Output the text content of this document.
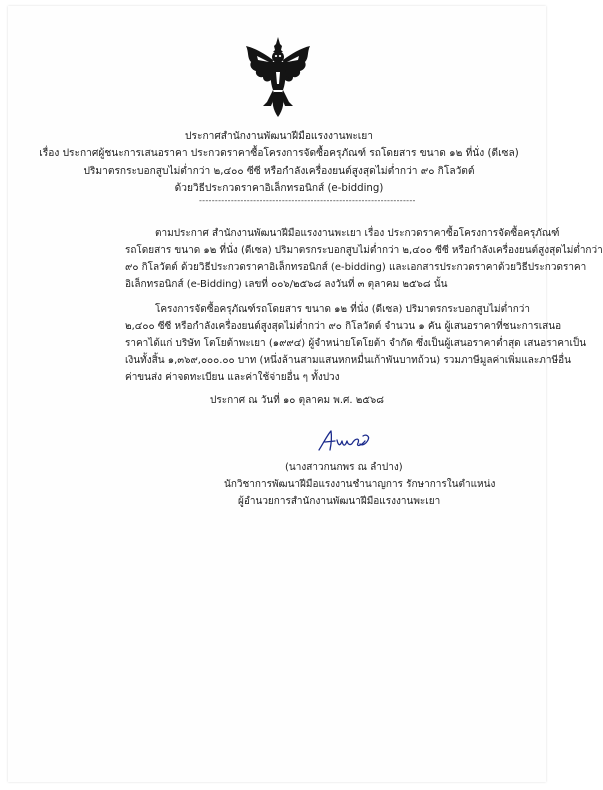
ประกาศสำนักงานพัฒนาฝีมือแรงงานพะเยา
เรื่อง ประกาศผู้ชนะการเสนอราคา ประกวดราคาซื้อโครงการจัดซื้อครุภัณฑ์ รถโดยสาร ขนาด ๑๒ ที่นั่ง (ดีเซล)
ปริมาตรกระบอกสูบไม่ต่ำกว่า ๒,๔๐๐ ซีซี หรือกำลังเครื่องยนต์สูงสุดไม่ต่ำกว่า ๙๐ กิโลวัตต์
ด้วยวิธีประกวดราคาอิเล็กทรอนิกส์ (e-bidding)
--------------------------------------------------------------------
ตามประกาศ สำนักงานพัฒนาฝีมือแรงงานพะเยา เรื่อง ประกวดราคาซื้อโครงการจัดซื้อครุภัณฑ์
รถโดยสาร ขนาด ๑๒ ที่นั่ง (ดีเซล) ปริมาตรกระบอกสูบไม่ต่ำกว่า ๒,๔๐๐ ซีซี หรือกำลังเครื่องยนต์สูงสุดไม่ต่ำกว่า
๙๐ กิโลวัตต์ ด้วยวิธีประกวดราคาอิเล็กทรอนิกส์ (e-bidding) และเอกสารประกวดราคาด้วยวิธีประกวดราคา
อิเล็กทรอนิกส์ (e-Bidding) เลขที่ ๐๐๖/๒๕๖๘ ลงวันที่ ๓ ตุลาคม ๒๕๖๘ นั้น
โครงการจัดซื้อครุภัณฑ์รถโดยสาร ขนาด ๑๒ ที่นั่ง (ดีเซล) ปริมาตรกระบอกสูบไม่ต่ำกว่า
๒,๔๐๐ ซีซี หรือกำลังเครื่องยนต์สูงสุดไม่ต่ำกว่า ๙๐ กิโลวัตต์ จำนวน ๑ คัน ผู้เสนอราคาที่ชนะการเสนอ
ราคาได้แก่ บริษัท โตโยต้าพะเยา (๑๙๙๔) ผู้จำหน่ายโตโยต้า จำกัด ซึ่งเป็นผู้เสนอราคาต่ำสุด เสนอราคาเป็น
เงินทั้งสิ้น ๑,๓๖๙,๐๐๐.๐๐ บาท (หนึ่งล้านสามแสนหกหมื่นเก้าพันบาทถ้วน) รวมภาษีมูลค่าเพิ่มและภาษีอื่น
ค่าขนส่ง ค่าจดทะเบียน และค่าใช้จ่ายอื่น ๆ ทั้งปวง
ประกาศ ณ วันที่ ๑๐ ตุลาคม พ.ศ. ๒๕๖๘
(นางสาวกนกพร ณ ลำปาง)
นักวิชาการพัฒนาฝีมือแรงงานชำนาญการ รักษาการในตำแหน่ง
ผู้อำนวยการสำนักงานพัฒนาฝีมือแรงงานพะเยา
